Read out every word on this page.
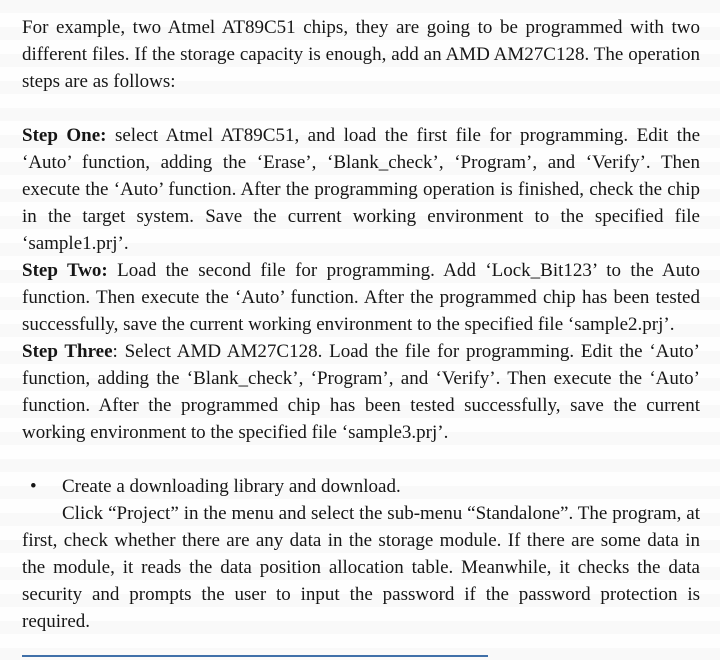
For example, two Atmel AT89C51 chips, they are going to be programmed with two different files. If the storage capacity is enough, add an AMD AM27C128. The operation steps are as follows:

Step One: select Atmel AT89C51, and load the first file for programming. Edit the ‘Auto’ function, adding the ‘Erase’, ‘Blank_check’, ‘Program’, and ‘Verify’. Then execute the ‘Auto’ function. After the programming operation is finished, check the chip in the target system. Save the current working environment to the specified file ‘sample1.prj’.

Step Two: Load the second file for programming. Add ‘Lock_Bit123’ to the Auto function. Then execute the ‘Auto’ function. After the programmed chip has been tested successfully, save the current working environment to the specified file ‘sample2.prj’.

Step Three: Select AMD AM27C128. Load the file for programming. Edit the ‘Auto’ function, adding the ‘Blank_check’, ‘Program’, and ‘Verify’. Then execute the ‘Auto’ function. After the programmed chip has been tested successfully, save the current working environment to the specified file ‘sample3.prj’.

•	Create a downloading library and download.

Click “Project” in the menu and select the sub-menu “Standalone”. The program, at first, check whether there are any data in the storage module. If there are some data in the module, it reads the data position allocation table. Meanwhile, it checks the data security and prompts the user to input the password if the password protection is required.
